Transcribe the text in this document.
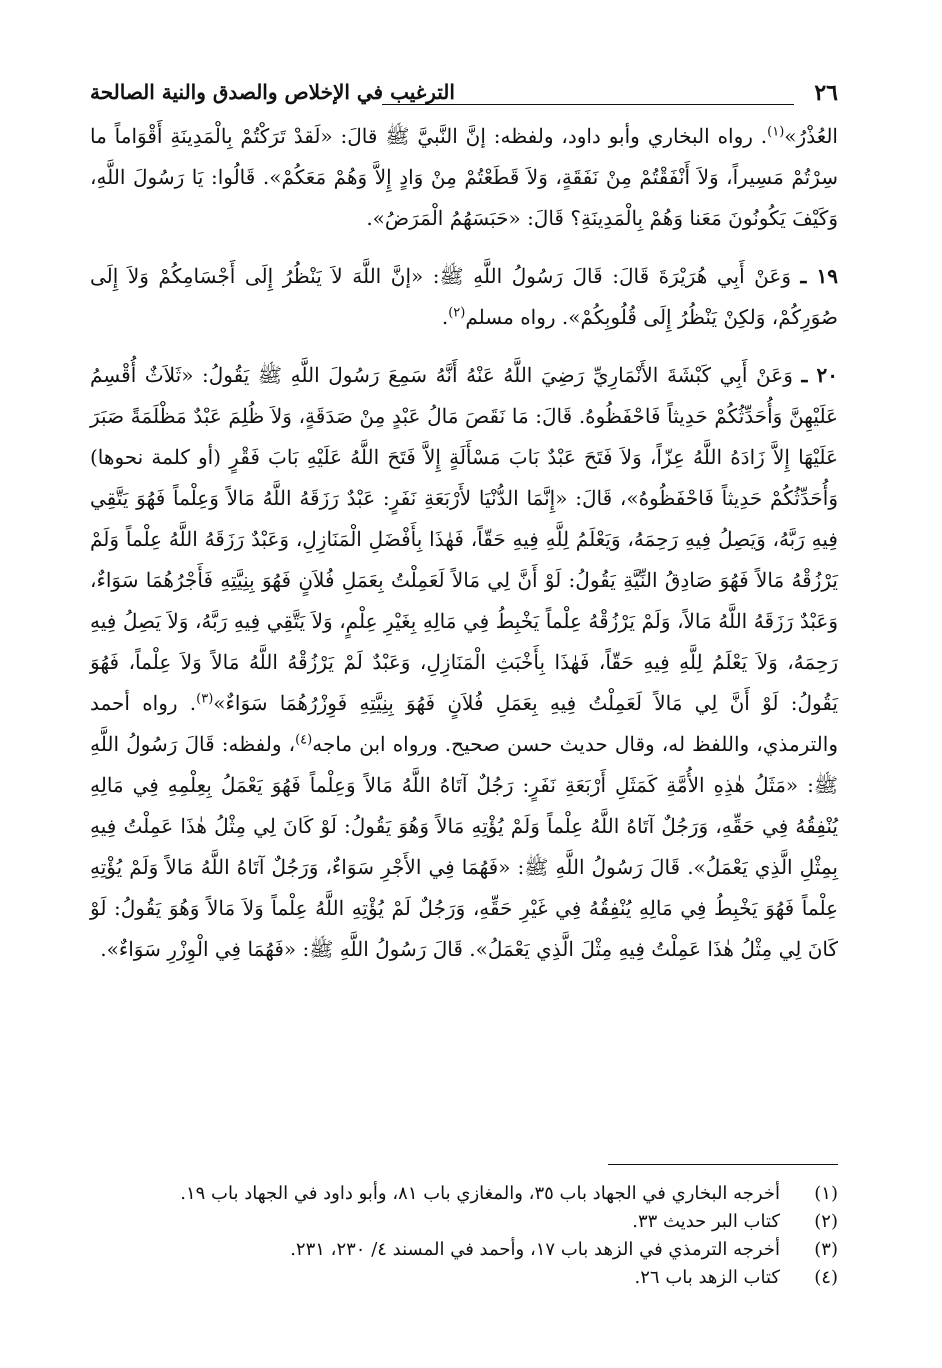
٢٦
الترغيب في الإخلاص والصدق والنية الصالحة

العُذْرُ»$^{(١)}$. رواه البخاري وأبو داود، ولفظه: إنَّ النَّبيَّ ﷺ قالَ: «لَقدْ تَرَكْتُمْ بِالْمَدِينَةِ أَقْوَاماً ما سِرْتُمْ مَسِيراً، وَلاَ أَنْفَقْتُمْ مِنْ نَفَقَةٍ، وَلاَ قَطَعْتُمْ مِنْ وَادٍ إِلاَّ وَهُمْ مَعَكُمْ». قَالُوا: يَا رَسُولَ اللَّهِ، وَكَيْفَ يَكُونُونَ مَعَنا وَهُمْ بِالْمَدِينَةِ؟ قَالَ: «حَبَسَهُمُ الْمَرَضُ».

١٩ ـ وَعَنْ أَبِي هُرَيْرَةَ قَالَ: قَالَ رَسُولُ اللَّهِ ﷺ: «إنَّ اللَّهَ لاَ يَنْظُرُ إِلَى أَجْسَامِكُمْ وَلاَ إِلَى صُوَرِكُمْ، وَلكِنْ يَنْظُرُ إِلَى قُلُوبِكُمْ». رواه مسلم$^{(٢)}$.

٢٠ ـ وَعَنْ أَبِي كَبْشَةَ الأَنْمَارِيِّ رَضِيَ اللَّهُ عَنْهُ أَنَّهُ سَمِعَ رَسُولَ اللَّهِ ﷺ يَقُولُ: «ثَلاَثٌ أُقْسِمُ عَلَيْهِنَّ وَأُحَدِّثُكُمْ حَدِيثاً فَاحْفَظُوهُ. قَالَ: مَا نَقَصَ مَالُ عَبْدٍ مِنْ صَدَقَةٍ، وَلاَ ظُلِمَ عَبْدٌ مَظْلَمَةً صَبَرَ عَلَيْهَا إِلاَّ زَادَهُ اللَّهُ عِزّاً، وَلاَ فَتَحَ عَبْدٌ بَابَ مَسْأَلَةٍ إِلاَّ فَتَحَ اللَّهُ عَلَيْهِ بَابَ فَقْرٍ (أو كلمة نحوها) وَأُحَدِّثُكُمْ حَدِيثاً فَاحْفَظُوهُ»، قَالَ: «إِنَّمَا الدُّنْيَا لأَرْبَعَةِ نَفَرٍ: عَبْدٌ رَزَقَهُ اللَّهُ مَالاً وَعِلْماً فَهُوَ يَتَّقِي فِيهِ رَبَّهُ، وَيَصِلُ فِيهِ رَحِمَهُ، وَيَعْلَمُ لِلَّهِ فِيهِ حَقّاً، فَهٰذَا بِأَفْضَلِ الْمَنَازِلِ، وَعَبْدٌ رَزَقَهُ اللَّهُ عِلْماً وَلَمْ يَرْزُقْهُ مَالاً فَهُوَ صَادِقُ النِّيَّةِ يَقُولُ: لَوْ أَنَّ لِي مَالاً لَعَمِلْتُ بِعَمَلِ فُلاَنٍ فَهُوَ بِنِيَّتِهِ فَأَجْرُهُمَا سَوَاءٌ، وَعَبْدٌ رَزَقَهُ اللَّهُ مَالاً، وَلَمْ يَرْزُقْهُ عِلْماً يَخْبِطُ فِي مَالِهِ بِغَيْرِ عِلْمٍ، وَلاَ يَتَّقِي فِيهِ رَبَّهُ، وَلاَ يَصِلُ فِيهِ رَحِمَهُ، وَلاَ يَعْلَمُ لِلَّهِ فِيهِ حَقّاً، فَهٰذَا بِأَخْبَثِ الْمَنَازِلِ، وَعَبْدٌ لَمْ يَرْزُقْهُ اللَّهُ مَالاً وَلاَ عِلْماً، فَهُوَ يَقُولُ: لَوْ أَنَّ لِي مَالاً لَعَمِلْتُ فِيهِ بِعَمَلِ فُلاَنٍ فَهُوَ بِنِيَّتِهِ فَوِزْرُهُمَا سَوَاءٌ»$^{(٣)}$. رواه أحمد والترمذي، واللفظ له، وقال حديث حسن صحيح. ورواه ابن ماجه$^{(٤)}$، ولفظه: قَالَ رَسُولُ اللَّهِ ﷺ: «مَثَلُ هٰذِهِ الأُمَّةِ كَمَثَلِ أَرْبَعَةِ نَفَرٍ: رَجُلٌ آتَاهُ اللَّهُ مَالاً وَعِلْماً فَهُوَ يَعْمَلُ بِعِلْمِهِ فِي مَالِهِ يُنْفِقُهُ فِي حَقِّهِ، وَرَجُلٌ آتَاهُ اللَّهُ عِلْماً وَلَمْ يُؤْتِهِ مَالاً وَهُوَ يَقُولُ: لَوْ كَانَ لِي مِثْلُ هٰذَا عَمِلْتُ فِيهِ بِمِثْلِ الَّذِي يَعْمَلُ». قَالَ رَسُولُ اللَّهِ ﷺ: «فَهُمَا فِي الأَجْرِ سَوَاءٌ، وَرَجُلٌ آتَاهُ اللَّهُ مَالاً وَلَمْ يُؤْتِهِ عِلْماً فَهُوَ يَخْبِطُ فِي مَالِهِ يُنْفِقُهُ فِي غَيْرِ حَقِّهِ، وَرَجُلٌ لَمْ يُؤْتِهِ اللَّهُ عِلْماً وَلاَ مَالاً وَهُوَ يَقُولُ: لَوْ كَانَ لِي مِثْلُ هٰذَا عَمِلْتُ فِيهِ مِثْلَ الَّذِي يَعْمَلُ». قَالَ رَسُولُ اللَّهِ ﷺ: «فَهُمَا فِي الْوِزْرِ سَوَاءٌ».

(١)
أخرجه البخاري في الجهاد باب ٣٥، والمغازي باب ٨١، وأبو داود في الجهاد باب ١٩.
(٢)
كتاب البر حديث ٣٣.
(٣)
أخرجه الترمذي في الزهد باب ١٧، وأحمد في المسند ٤/ ٢٣٠، ٢٣١.
(٤)
كتاب الزهد باب ٢٦.
